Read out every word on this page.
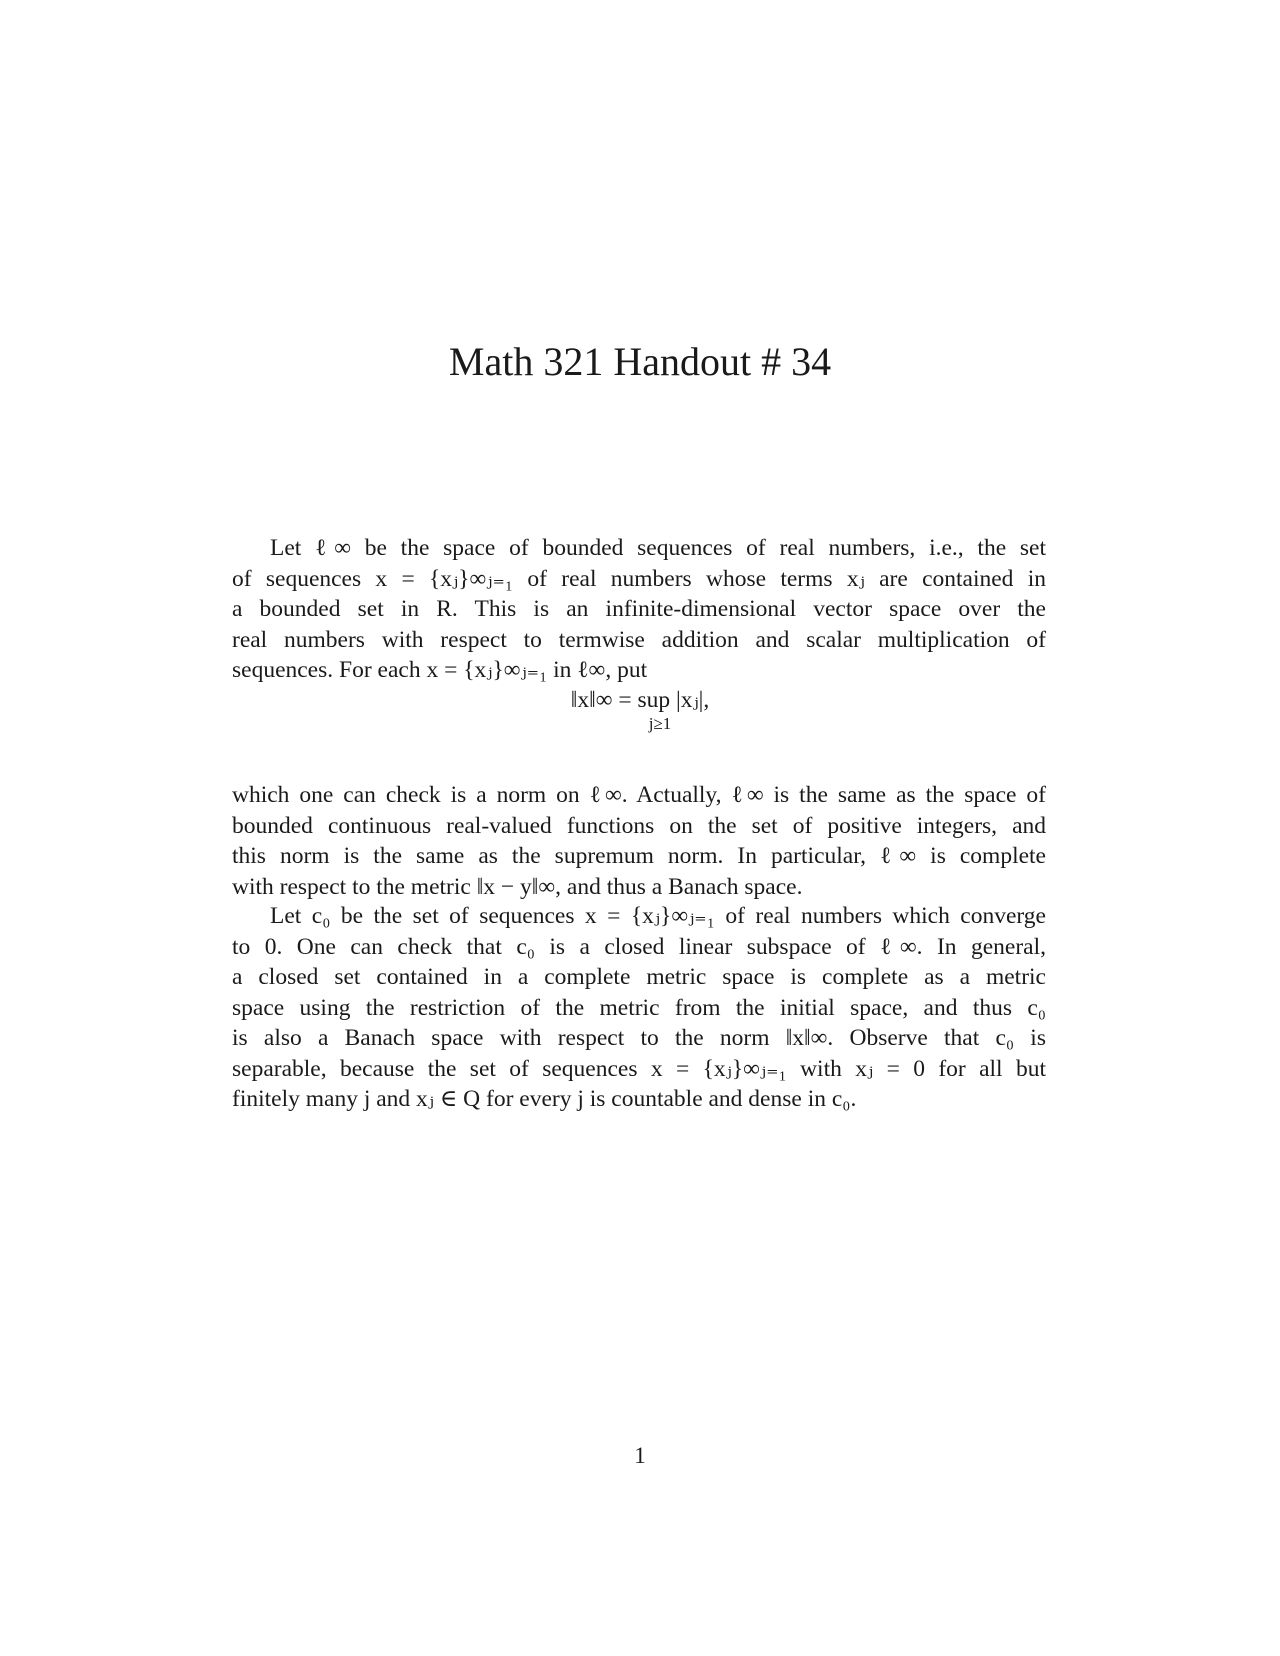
Math 321 Handout # 34
Let ℓ∞ be the space of bounded sequences of real numbers, i.e., the set
of sequences x = {xⱼ}∞ⱼ₌₁ of real numbers whose terms xⱼ are contained in
a bounded set in R. This is an infinite-dimensional vector space over the
real numbers with respect to termwise addition and scalar multiplication of
sequences. For each x = {xⱼ}∞ⱼ₌₁ in ℓ∞, put
‖x‖∞ = sup |xⱼ|,
j≥1
which one can check is a norm on ℓ∞. Actually, ℓ∞ is the same as the space of
bounded continuous real-valued functions on the set of positive integers, and
this norm is the same as the supremum norm. In particular, ℓ∞ is complete
with respect to the metric ‖x − y‖∞, and thus a Banach space.
Let c₀ be the set of sequences x = {xⱼ}∞ⱼ₌₁ of real numbers which converge
to 0. One can check that c₀ is a closed linear subspace of ℓ∞. In general,
a closed set contained in a complete metric space is complete as a metric
space using the restriction of the metric from the initial space, and thus c₀
is also a Banach space with respect to the norm ‖x‖∞. Observe that c₀ is
separable, because the set of sequences x = {xⱼ}∞ⱼ₌₁ with xⱼ = 0 for all but
finitely many j and xⱼ ∈ Q for every j is countable and dense in c₀.
1
